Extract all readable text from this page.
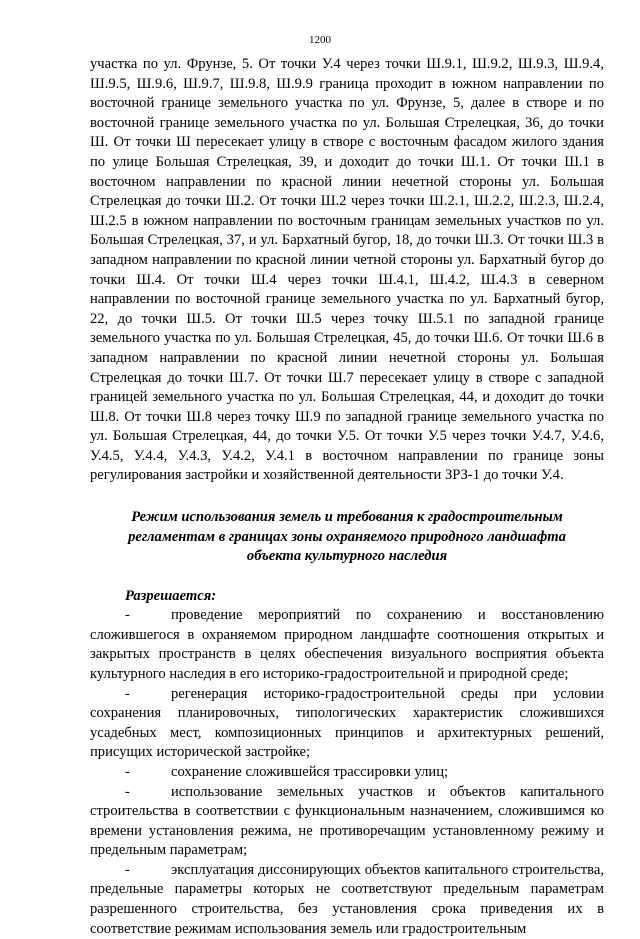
1200

участка по ул. Фрунзе, 5. От точки У.4 через точки Ш.9.1, Ш.9.2, Ш.9.3, Ш.9.4, Ш.9.5, Ш.9.6, Ш.9.7, Ш.9.8, Ш.9.9 граница проходит в южном направлении по восточной границе земельного участка по ул. Фрунзе, 5, далее в створе и по восточной границе земельного участка по ул. Большая Стрелецкая, 36, до точки Ш. От точки Ш пересекает улицу в створе с восточным фасадом жилого здания по улице Большая Стрелецкая, 39, и доходит до точки Ш.1. От точки Ш.1 в восточном направлении по красной линии нечетной стороны ул. Большая Стрелецкая до точки Ш.2. От точки Ш.2 через точки Ш.2.1, Ш.2.2, Ш.2.3, Ш.2.4, Ш.2.5 в южном направлении по восточным границам земельных участков по ул. Большая Стрелецкая, 37, и ул. Бархатный бугор, 18, до точки Ш.3. От точки Ш.3 в западном направлении по красной линии четной стороны ул. Бархатный бугор до точки Ш.4. От точки Ш.4 через точки Ш.4.1, Ш.4.2, Ш.4.3 в северном направлении по восточной границе земельного участка по ул. Бархатный бугор, 22, до точки Ш.5. От точки Ш.5 через точку Ш.5.1 по западной границе земельного участка по ул. Большая Стрелецкая, 45, до точки Ш.6. От точки Ш.6 в западном направлении по красной линии нечетной стороны ул. Большая Стрелецкая до точки Ш.7. От точки Ш.7 пересекает улицу в створе с западной границей земельного участка по ул. Большая Стрелецкая, 44, и доходит до точки Ш.8. От точки Ш.8 через точку Ш.9 по западной границе земельного участка по ул. Большая Стрелецкая, 44, до точки У.5. От точки У.5 через точки У.4.7, У.4.6, У.4.5, У.4.4, У.4.3, У.4.2, У.4.1 в восточном направлении по границе зоны регулирования застройки и хозяйственной деятельности ЗРЗ-1 до точки У.4.

Режим использования земель и требования к градостроительным
регламентам в границах зоны охраняемого природного ландшафта
объекта культурного наследия

Разрешается:

-	проведение мероприятий по сохранению и восстановлению сложившегося в охраняемом природном ландшафте соотношения открытых и закрытых пространств в целях обеспечения визуального восприятия объекта культурного наследия в его историко-градостроительной и природной среде;

-	регенерация историко-градостроительной среды при условии сохранения планировочных, типологических характеристик сложившихся усадебных мест, композиционных принципов и архитектурных решений, присущих исторической застройке;

-	сохранение сложившейся трассировки улиц;

-	использование земельных участков и объектов капитального строительства в соответствии с функциональным назначением, сложившимся ко времени установления режима, не противоречащим установленному режиму и предельным параметрам;

-	эксплуатация диссонирующих объектов капитального строительства, предельные параметры которых не соответствуют предельным параметрам разрешенного строительства, без установления срока приведения их в соответствие режимам использования земель или градостроительным
